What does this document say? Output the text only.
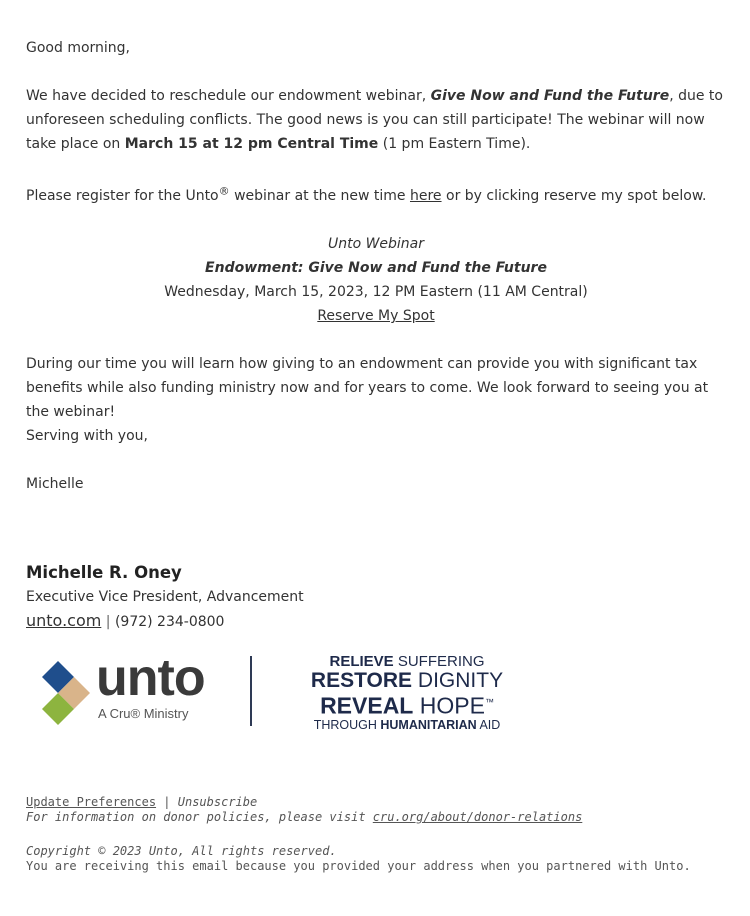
Good morning,

We have decided to reschedule our endowment webinar, Give Now and Fund the Future, due to unforeseen scheduling conflicts. The good news is you can still participate! The webinar will now take place on March 15 at 12 pm Central Time (1 pm Eastern Time).

Please register for the Unto® webinar at the new time here or by clicking reserve my spot below.

Unto Webinar

Endowment: Give Now and Fund the Future

Wednesday, March 15, 2023, 12 PM Eastern (11 AM Central)

Reserve My Spot

During our time you will learn how giving to an endowment can provide you with significant tax benefits while also funding ministry now and for years to come. We look forward to seeing you at the webinar!

Serving with you,

Michelle

Michelle R. Oney
Executive Vice President, Advancement
unto.com | (972) 234-0800
unto
A Cru® Ministry
RELIEVE SUFFERING
RESTORE DIGNITY
REVEAL HOPE™
THROUGH HUMANITARIAN AID
Update Preferences | Unsubscribe
For information on donor policies, please visit cru.org/about/donor-relations
Copyright © 2023 Unto, All rights reserved.
You are receiving this email because you provided your address when you partnered with Unto.
